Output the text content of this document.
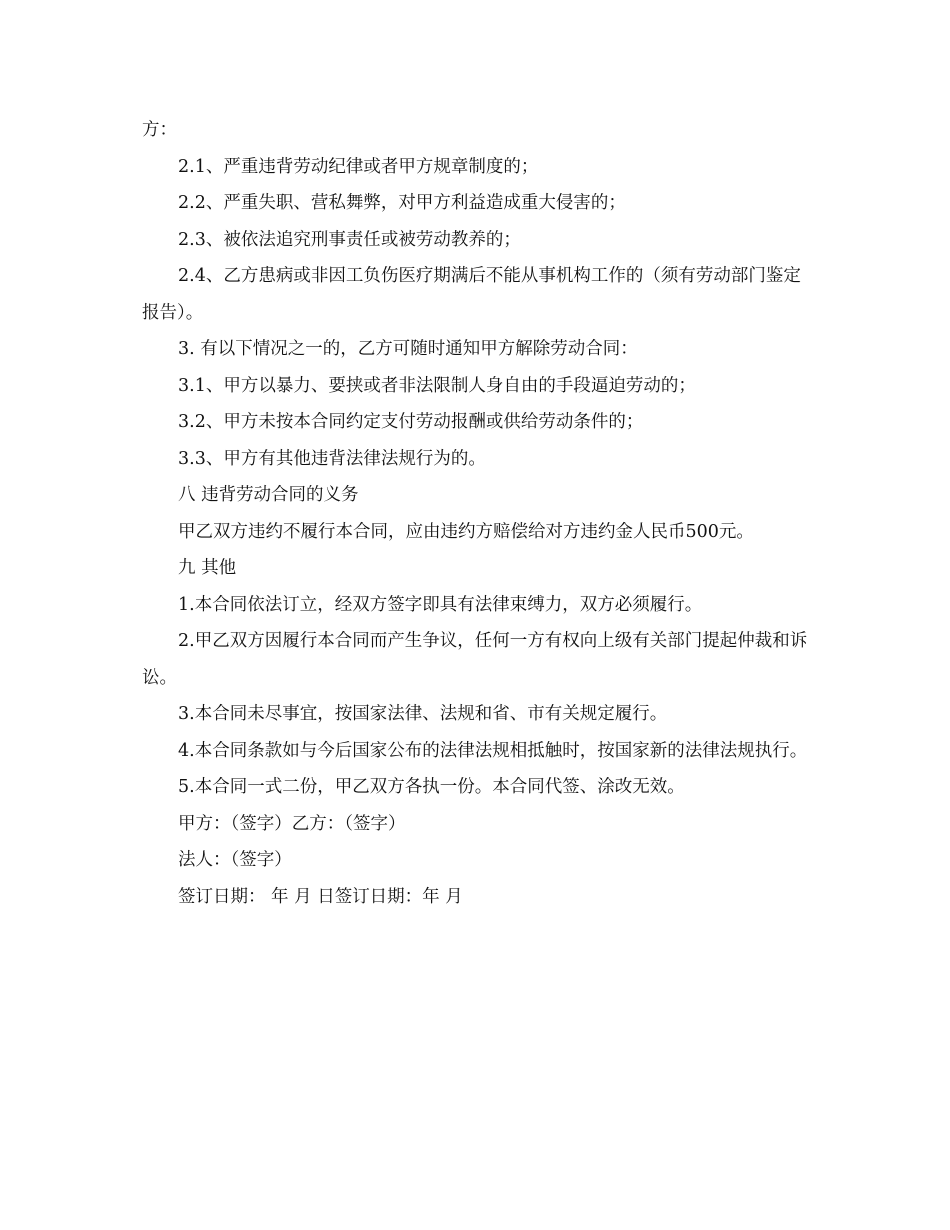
方：

2.1、严重违背劳动纪律或者甲方规章制度的；

2.2、严重失职、营私舞弊，对甲方利益造成重大侵害的；

2.3、被依法追究刑事责任或被劳动教养的；

2.4、乙方患病或非因工负伤医疗期满后不能从事机构工作的（须有劳动部门鉴定报告）。

3. 有以下情况之一的，乙方可随时通知甲方解除劳动合同：

3.1、甲方以暴力、要挟或者非法限制人身自由的手段逼迫劳动的；

3.2、甲方未按本合同约定支付劳动报酬或供给劳动条件的；

3.3、甲方有其他违背法律法规行为的。

八 违背劳动合同的义务

甲乙双方违约不履行本合同，应由违约方赔偿给对方违约金人民币500元。

九 其他

1.本合同依法订立，经双方签字即具有法律束缚力，双方必须履行。

2.甲乙双方因履行本合同而产生争议，任何一方有权向上级有关部门提起仲裁和诉讼。

3.本合同未尽事宜，按国家法律、法规和省、市有关规定履行。

4.本合同条款如与今后国家公布的法律法规相抵触时，按国家新的法律法规执行。

5.本合同一式二份，甲乙双方各执一份。本合同代签、涂改无效。

甲方：（签字）乙方：（签字）

法人：（签字）

签订日期： 年 月 日签订日期：年 月
